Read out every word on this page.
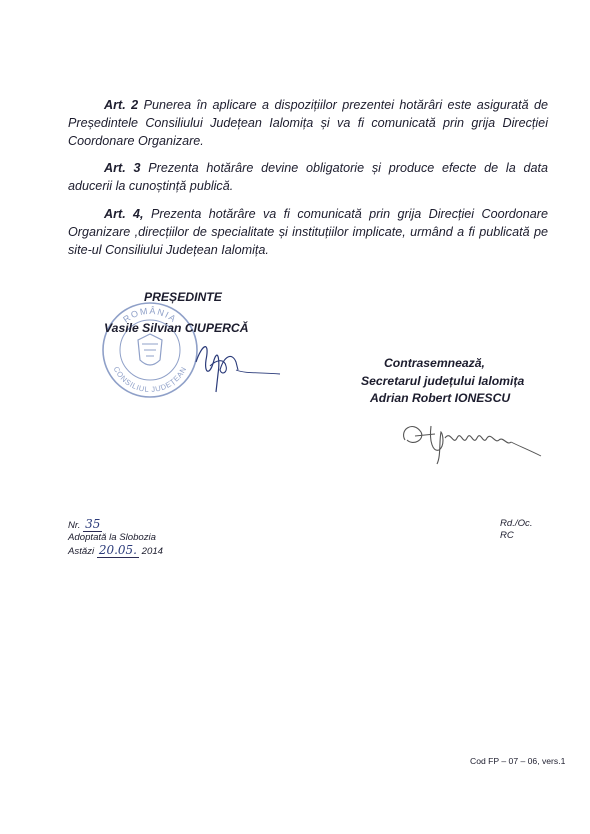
Art. 2 Punerea în aplicare a dispozițiilor prezentei hotărâri este asigurată de Președintele Consiliului Județean Ialomița și va fi comunicată prin grija Direcției Coordonare Organizare.
Art. 3 Prezenta hotărâre devine obligatorie și produce efecte de la data aducerii la cunoștință publică.
Art. 4, Prezenta hotărâre va fi comunicată prin grija Direcției Coordonare Organizare ,direcțiilor de specialitate și instituțiilor implicate, urmând a fi publicată pe site-ul Consiliului Județean Ialomița.
ROMÂNIA
CONSILIUL JUDEȚEAN
PREȘEDINTE
Vasile Silvian CIUPERCĂ
Contrasemnează,
Secretarul județului Ialomița
Adrian Robert IONESCU
Nr. 35
Adoptată la Slobozia
Astăzi 20.05. 2014
Rd./Oc.
RC
Cod FP – 07 – 06, vers.1
